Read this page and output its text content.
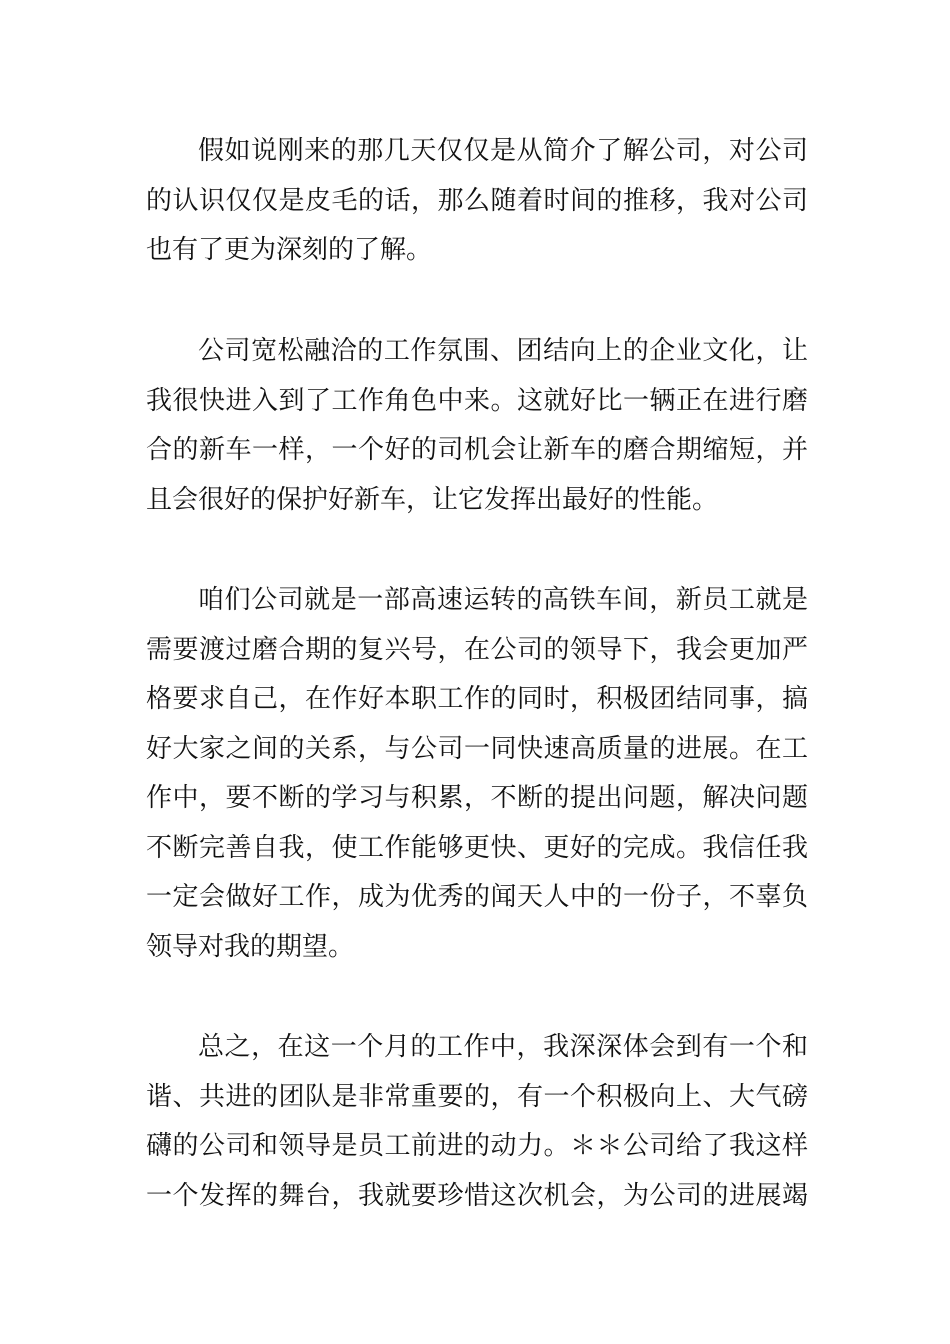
假如说刚来的那几天仅仅是从简介了解公司，对公司
的认识仅仅是皮毛的话，那么随着时间的推移，我对公司
也有了更为深刻的了解。
公司宽松融洽的工作氛围、团结向上的企业文化，让
我很快进入到了工作角色中来。这就好比一辆正在进行磨
合的新车一样，一个好的司机会让新车的磨合期缩短，并
且会很好的保护好新车，让它发挥出最好的性能。
咱们公司就是一部高速运转的高铁车间，新员工就是
需要渡过磨合期的复兴号，在公司的领导下，我会更加严
格要求自己，在作好本职工作的同时，积极团结同事，搞
好大家之间的关系，与公司一同快速高质量的进展。在工
作中，要不断的学习与积累，不断的提出问题，解决问题
不断完善自我，使工作能够更快、更好的完成。我信任我
一定会做好工作，成为优秀的闻天人中的一份子，不辜负
领导对我的期望。
总之，在这一个月的工作中，我深深体会到有一个和
谐、共进的团队是非常重要的，有一个积极向上、大气磅
礴的公司和领导是员工前进的动力。＊＊公司给了我这样
一个发挥的舞台，我就要珍惜这次机会，为公司的进展竭
